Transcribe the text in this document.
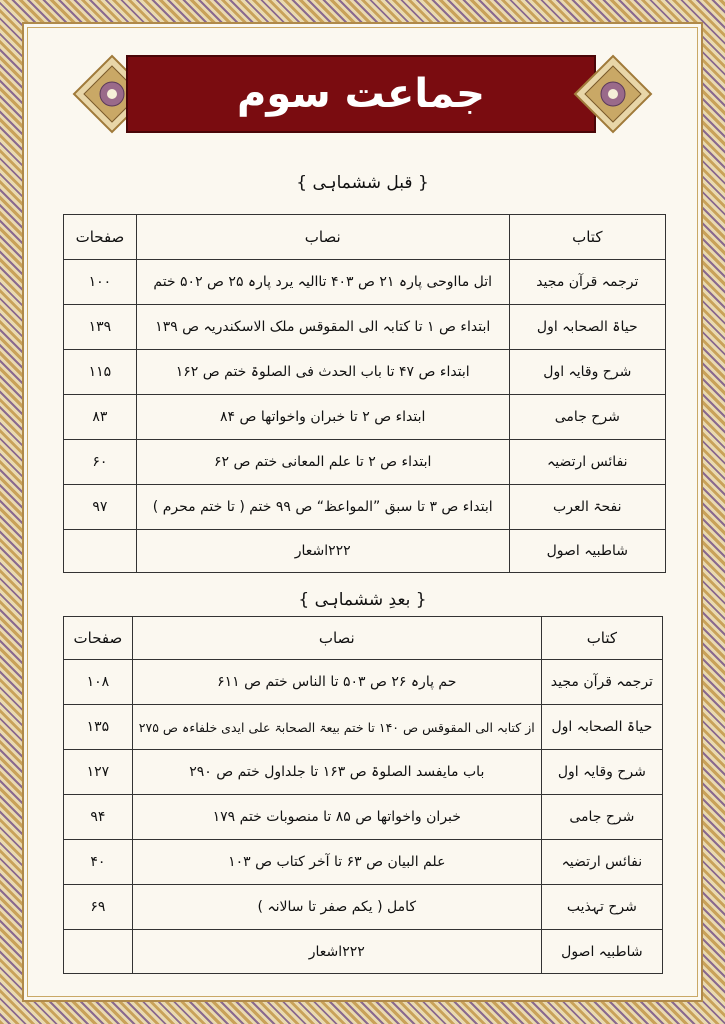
جماعت سوم
{ قبل ششماہی }
کتاب	نصاب	صفحات
ترجمہ قرآن مجید	اتل مااوحی پارہ ۲۱ ص ۴۰۳ تاالیہ یرد پارہ ۲۵ ص ۵۰۲ ختم	۱۰۰
حیاۃ الصحابہ اول	ابتداء ص ۱ تا کتابہ الی المقوقس ملک الاسکندریہ ص ۱۳۹	۱۳۹
شرح وقایہ اول	ابتداء ص ۴۷ تا باب الحدث فی الصلوۃ ختم ص ۱۶۲	۱۱۵
شرح جامی	ابتداء ص ۲ تا خبران واخواتھا ص ۸۴	۸۳
نفائس ارتضیہ	ابتداء ص ۲ تا علم المعانی ختم ص ۶۲	۶۰
نفحۃ العرب	ابتداء ص ۳ تا سبق ”المواعظ“ ص ۹۹ ختم ( تا ختم محرم )	۹۷
شاطبیہ اصول	۲۲۲اشعار	
{ بعدِ ششماہی }
کتاب	نصاب	صفحات
ترجمہ قرآن مجید	حم پارہ ۲۶ ص ۵۰۳ تا الناس ختم ص ۶۱۱	۱۰۸
حیاۃ الصحابہ اول	از کتابہ الی المقوقس ص ۱۴۰ تا ختم بیعۃ الصحابۃ علی ایدی خلفاءہ ص ۲۷۵	۱۳۵
شرح وقایہ اول	باب مایفسد الصلوۃ ص ۱۶۳ تا جلداول ختم ص ۲۹۰	۱۲۷
شرح جامی	خبران واخواتھا ص ۸۵ تا منصوبات ختم ۱۷۹	۹۴
نفائس ارتضیہ	علم البیان ص ۶۳ تا آخر کتاب ص ۱۰۳	۴۰
شرح تہذیب	کامل ( یکم صفر تا سالانہ )	۶۹
شاطبیہ اصول	۲۲۲اشعار	
